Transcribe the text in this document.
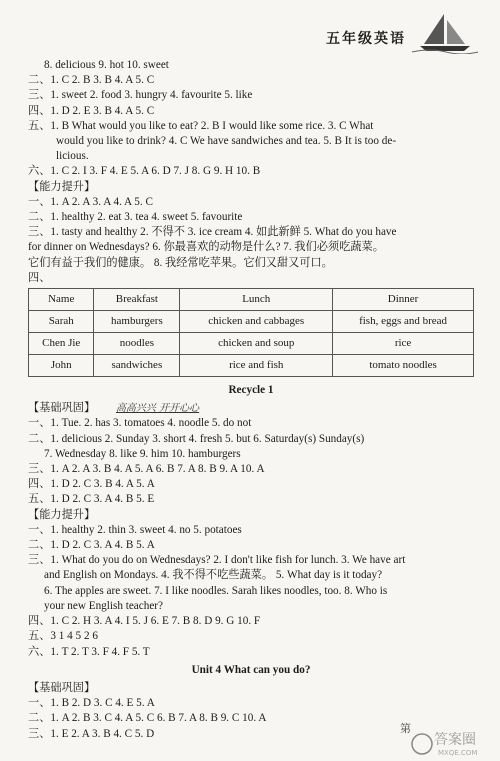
五年级英语
8. delicious 9. hot 10. sweet
二、1. C 2. B 3. B 4. A 5. C
三、1. sweet 2. food 3. hungry 4. favourite 5. like
四、1. D 2. E 3. B 4. A 5. C
五、1. B What would you like to eat? 2. B I would like some rice. 3. C What
would you like to drink? 4. C We have sandwiches and tea. 5. B It is too de-
licious.
六、1. C 2. I 3. F 4. E 5. A 6. D 7. J 8. G 9. H 10. B
【能力提升】
一、1. A 2. A 3. A 4. A 5. C
二、1. healthy 2. eat 3. tea 4. sweet 5. favourite
三、1. tasty and healthy 2. 不得不 3. ice cream 4. 如此新鲜 5. What do you have
for dinner on Wednesdays? 6. 你最喜欢的动物是什么? 7. 我们必须吃蔬菜。
它们有益于我们的健康。 8. 我经常吃苹果。它们又甜又可口。
四、
Name	Breakfast	Lunch	Dinner
Sarah	hamburgers	chicken and cabbages	fish, eggs and bread
Chen Jie	noodles	chicken and soup	rice
John	sandwiches	rice and fish	tomato noodles
Recycle 1
【基础巩固】 高高兴兴 开开心心
一、1. Tue. 2. has 3. tomatoes 4. noodle 5. do not
二、1. delicious 2. Sunday 3. short 4. fresh 5. but 6. Saturday(s) Sunday(s)
7. Wednesday 8. like 9. him 10. hamburgers
三、1. A 2. A 3. B 4. A 5. A 6. B 7. A 8. B 9. A 10. A
四、1. D 2. C 3. B 4. A 5. A
五、1. D 2. C 3. A 4. B 5. E
【能力提升】
一、1. healthy 2. thin 3. sweet 4. no 5. potatoes
二、1. D 2. C 3. A 4. B 5. A
三、1. What do you do on Wednesdays? 2. I don't like fish for lunch. 3. We have art
and English on Mondays. 4. 我不得不吃些蔬菜。 5. What day is it today?
6. The apples are sweet. 7. I like noodles. Sarah likes noodles, too. 8. Who is
your new English teacher?
四、1. C 2. H 3. A 4. I 5. J 6. E 7. B 8. D 9. G 10. F
五、3 1 4 5 2 6
六、1. T 2. T 3. F 4. F 5. T
Unit 4 What can you do?
【基础巩固】
一、1. B 2. D 3. C 4. E 5. A
二、1. A 2. B 3. C 4. A 5. C 6. B 7. A 8. B 9. C 10. A
三、1. E 2. A 3. B 4. C 5. D	第
答案圈
MXQE.COM
